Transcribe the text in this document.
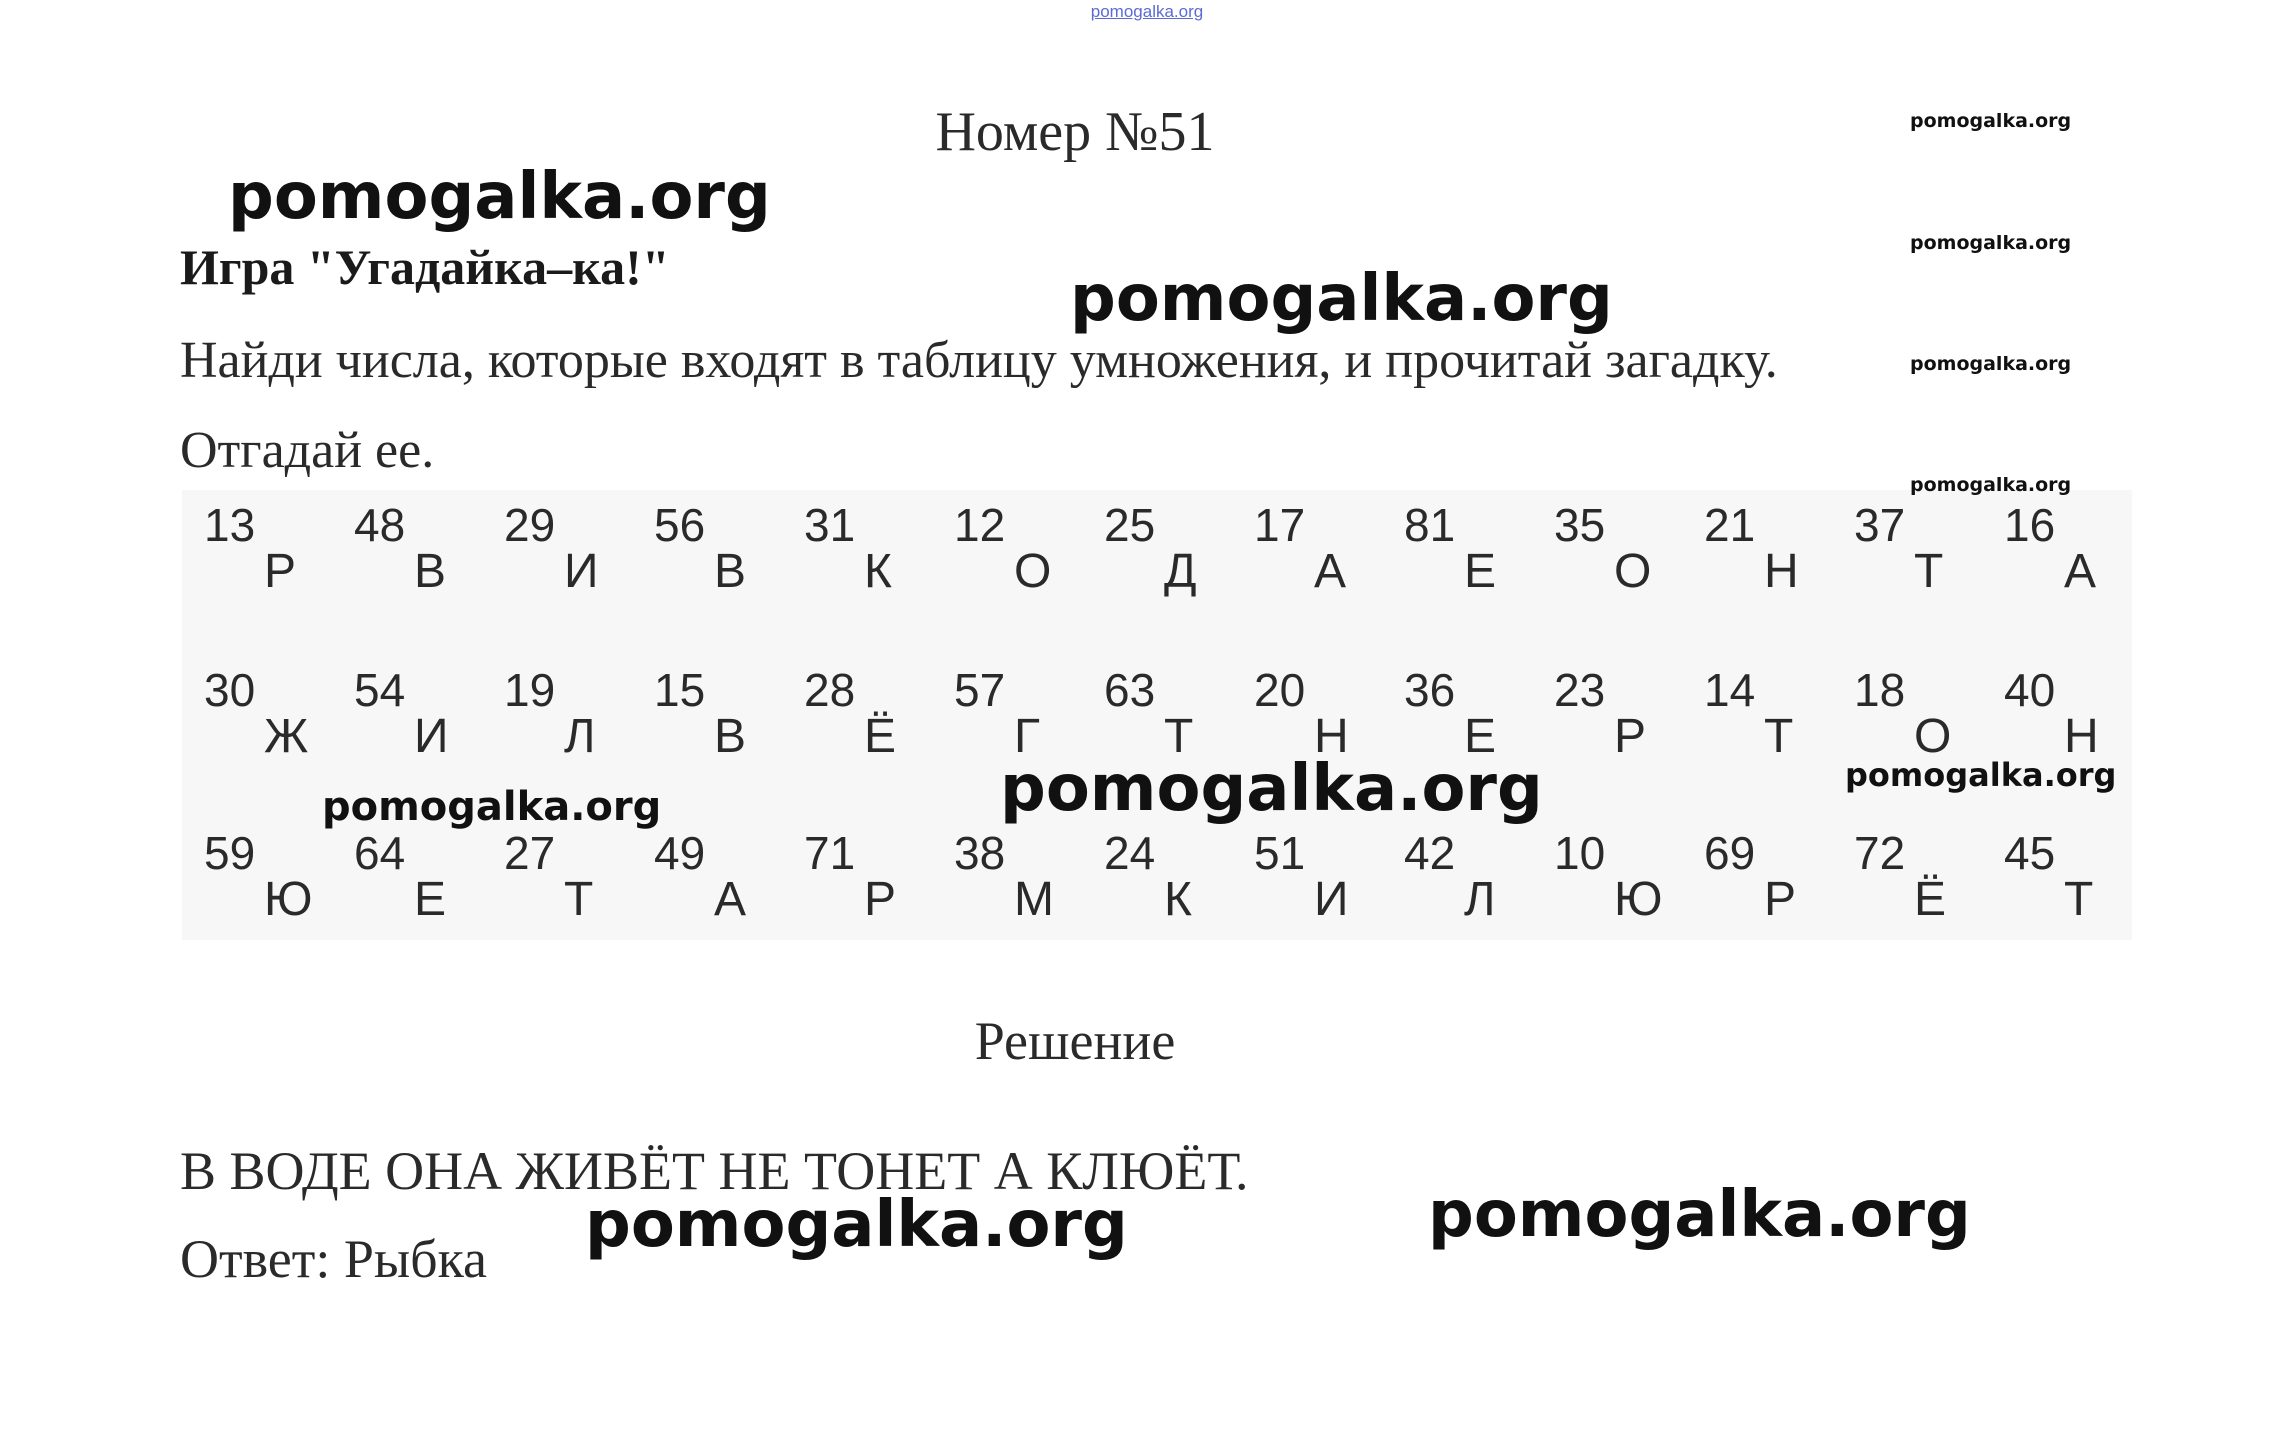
pomogalka.org
Номер №51
Игра "Угадайка–ка!"
Найди числа, которые входят в таблицу умножения, и прочитай загадку. Отгадай ее.
13
Р
48
В
29
И
56
В
31
К
12
О
25
Д
17
А
81
Е
35
О
21
Н
37
Т
16
А
30
Ж
54
И
19
Л
15
В
28
Ё
57
Г
63
Т
20
Н
36
Е
23
Р
14
Т
18
О
40
Н
59
Ю
64
Е
27
Т
49
А
71
Р
38
М
24
К
51
И
42
Л
10
Ю
69
Р
72
Ё
45
Т
Решение
В ВОДЕ ОНА ЖИВЁТ НЕ ТОНЕТ А КЛЮЁТ.
Ответ: Рыбка
pomogalka.org
pomogalka.org
pomogalka.org
pomogalka.org	pomogalka.org
pomogalka.org
pomogalka.org
pomogalka.org
pomogalka.org
pomogalka.org
pomogalka.org
